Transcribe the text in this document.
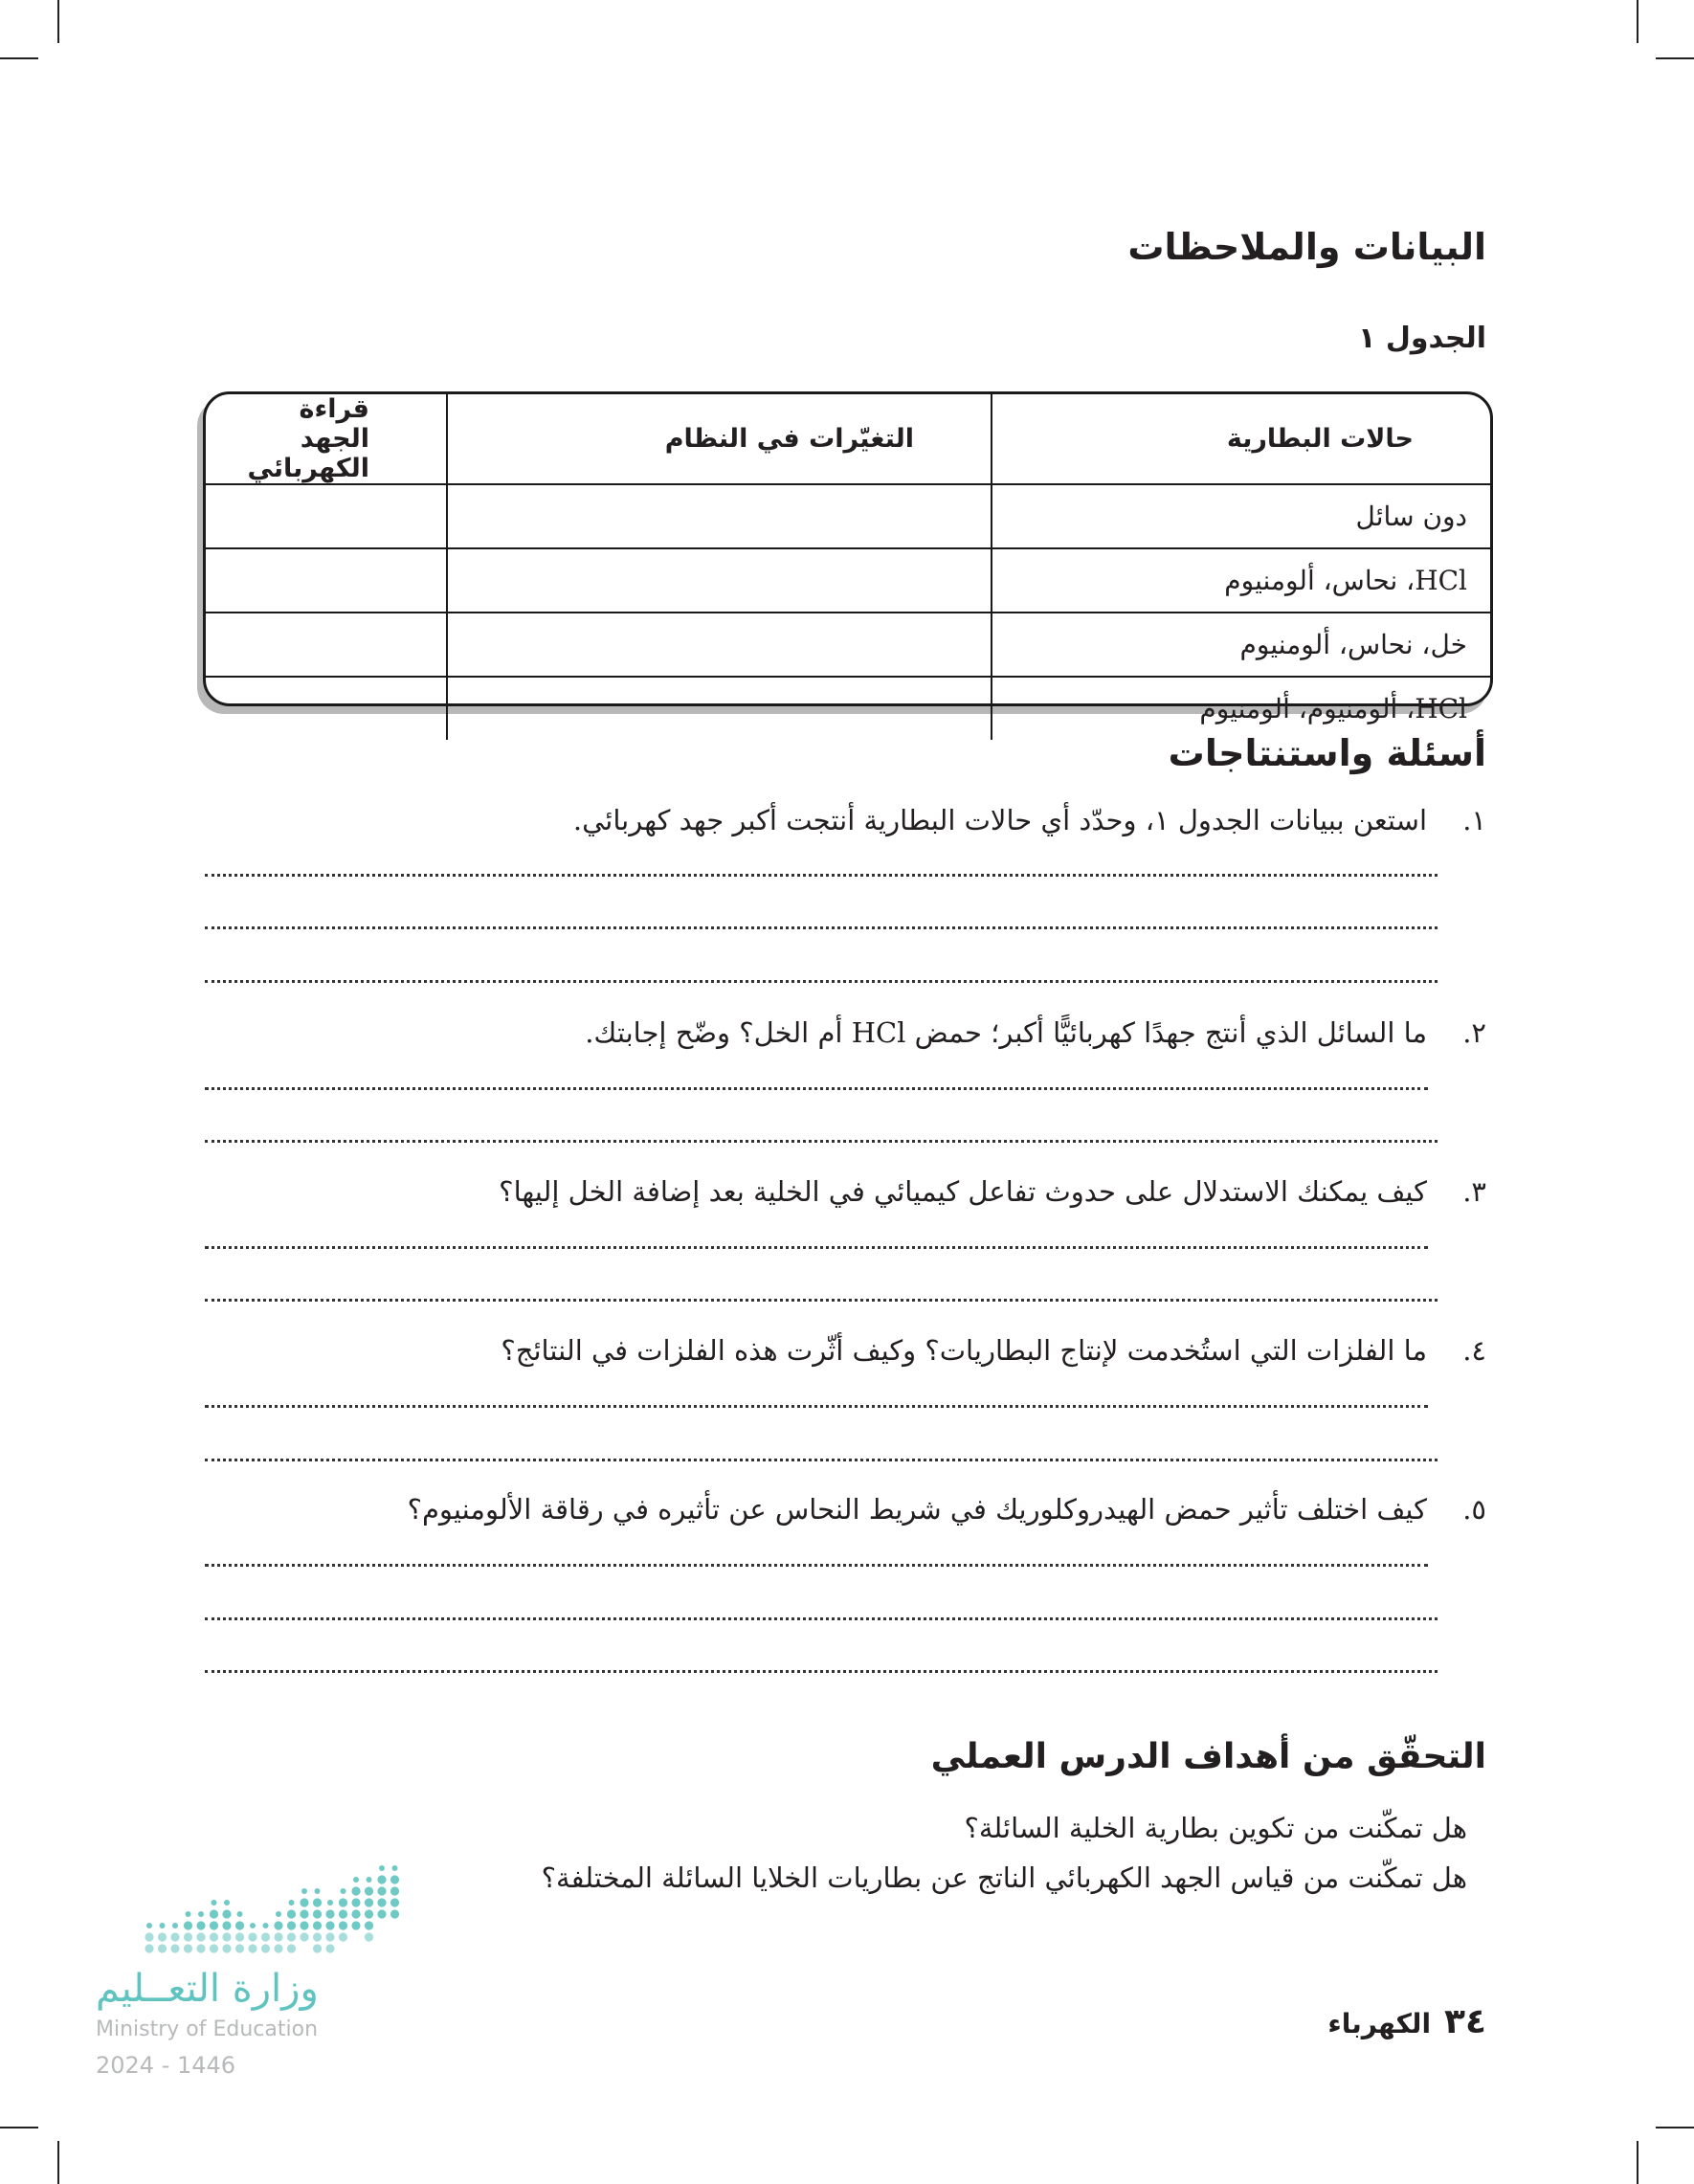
البيانات والملاحظات
الجدول ١
حالات البطارية	التغيّرات في النظام	قراءة الجهد الكهربائي
دون سائل		
HCl، نحاس، ألومنيوم		
خل، نحاس، ألومنيوم		
HCl، ألومنيوم، ألومنيوم		
أسئلة واستنتاجات
١.استعن ببيانات الجدول ١، وحدّد أي حالات البطارية أنتجت أكبر جهد كهربائي.
٢.ما السائل الذي أنتج جهدًا كهربائيًّا أكبر؛ حمض HCl أم الخل؟ وضّح إجابتك.
٣.كيف يمكنك الاستدلال على حدوث تفاعل كيميائي في الخلية بعد إضافة الخل إليها؟
٤.ما الفلزات التي استُخدمت لإنتاج البطاريات؟ وكيف أثّرت هذه الفلزات في النتائج؟
٥.كيف اختلف تأثير حمض الهيدروكلوريك في شريط النحاس عن تأثيره في رقاقة الألومنيوم؟
التحقّق من أهداف الدرس العملي
هل تمكّنت من تكوين بطارية الخلية السائلة؟
هل تمكّنت من قياس الجهد الكهربائي الناتج عن بطاريات الخلايا السائلة المختلفة؟
وزارة التعــليم
Ministry of Education
2024 - 1446
٣٤الكهرباء
